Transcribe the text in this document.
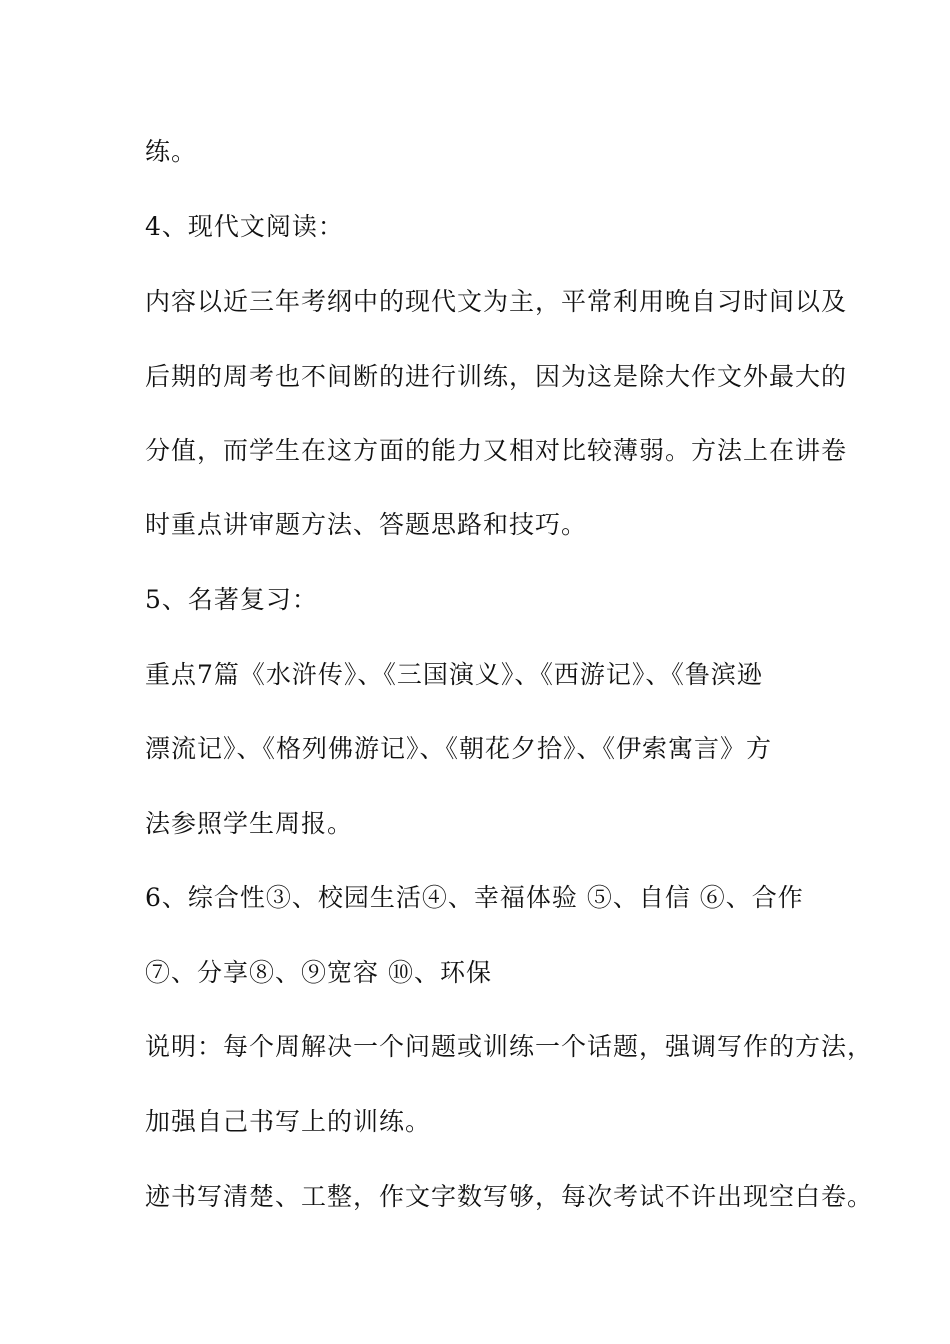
练。
4、现代文阅读：
内容以近三年考纲中的现代文为主，平常利用晚自习时间以及
后期的周考也不间断的进行训练，因为这是除大作文外最大的
分值，而学生在这方面的能力又相对比较薄弱。方法上在讲卷
时重点讲审题方法、答题思路和技巧。
5、名著复习：
重点7篇《水浒传》、《三国演义》、《西游记》、《鲁滨逊
漂流记》、《格列佛游记》、《朝花夕拾》、《伊索寓言》方
法参照学生周报。
6、综合性③、校园生活④、幸福体验 ⑤、自信 ⑥、合作
⑦、分享⑧、⑨宽容 ⑩、环保
说明：每个周解决一个问题或训练一个话题，强调写作的方法，
加强自己书写上的训练。
迹书写清楚、工整，作文字数写够，每次考试不许出现空白卷。
